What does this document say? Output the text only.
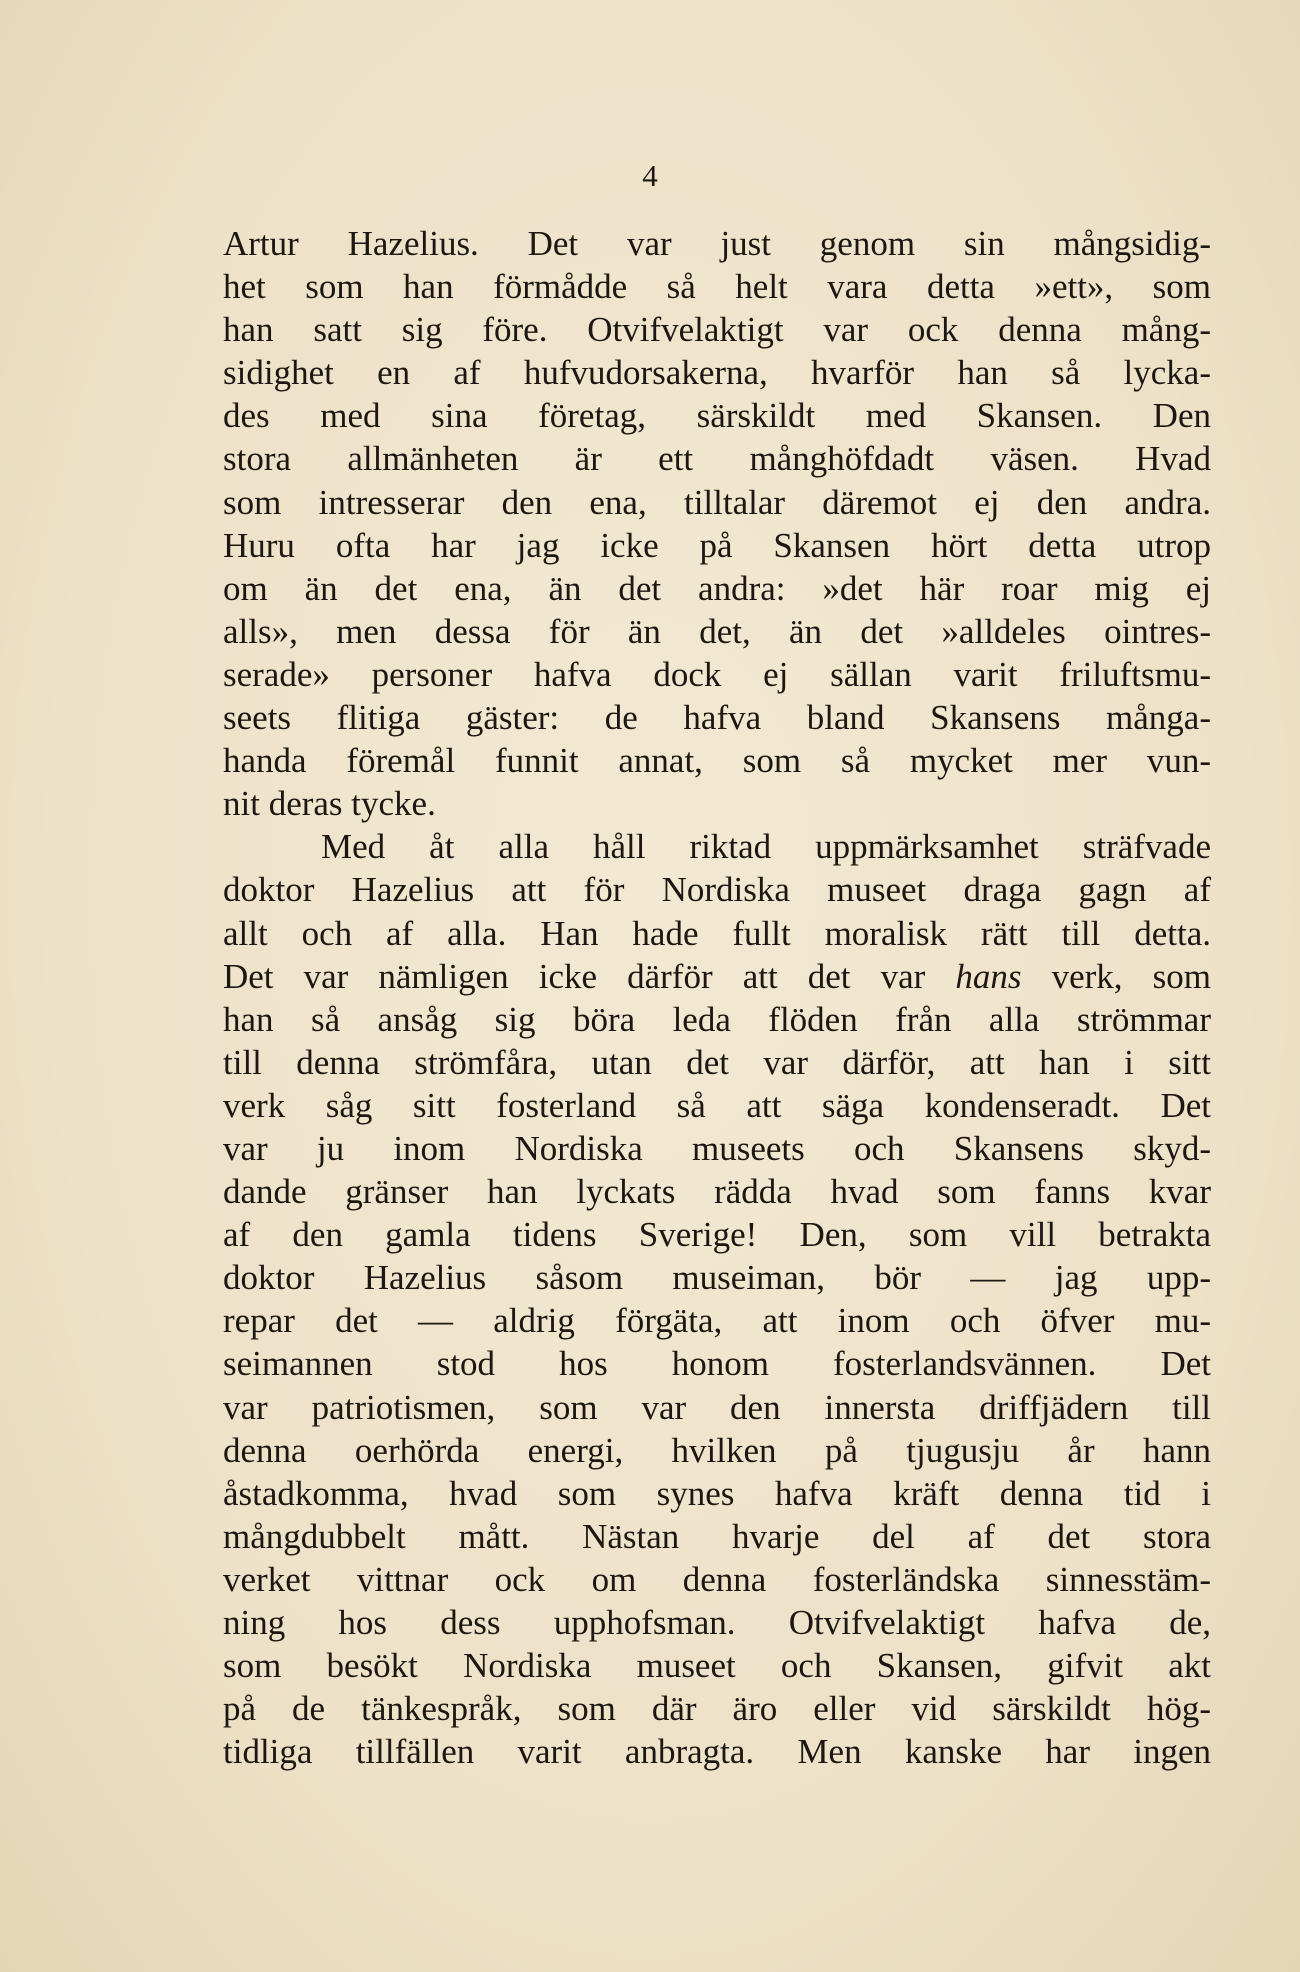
4
Artur Hazelius. Det var just genom sin mångsidig-
het som han förmådde så helt vara detta »ett», som
han satt sig före. Otvifvelaktigt var ock denna mång-
sidighet en af hufvudorsakerna, hvarför han så lycka-
des med sina företag, särskildt med Skansen. Den
stora allmänheten är ett månghöfdadt väsen. Hvad
som intresserar den ena, tilltalar däremot ej den andra.
Huru ofta har jag icke på Skansen hört detta utrop
om än det ena, än det andra: »det här roar mig ej
alls», men dessa för än det, än det »alldeles ointres-
serade» personer hafva dock ej sällan varit friluftsmu-
seets flitiga gäster: de hafva bland Skansens många-
handa föremål funnit annat, som så mycket mer vun-
nit deras tycke.
Med åt alla håll riktad uppmärksamhet sträfvade
doktor Hazelius att för Nordiska museet draga gagn af
allt och af alla. Han hade fullt moralisk rätt till detta.
Det var nämligen icke därför att det var hans verk, som
han så ansåg sig böra leda flöden från alla strömmar
till denna strömfåra, utan det var därför, att han i sitt
verk såg sitt fosterland så att säga kondenseradt. Det
var ju inom Nordiska museets och Skansens skyd-
dande gränser han lyckats rädda hvad som fanns kvar
af den gamla tidens Sverige! Den, som vill betrakta
doktor Hazelius såsom museiman, bör — jag upp-
repar det — aldrig förgäta, att inom och öfver mu-
seimannen stod hos honom fosterlandsvännen. Det
var patriotismen, som var den innersta driffjädern till
denna oerhörda energi, hvilken på tjugusju år hann
åstadkomma, hvad som synes hafva kräft denna tid i
mångdubbelt mått. Nästan hvarje del af det stora
verket vittnar ock om denna fosterländska sinnesstäm-
ning hos dess upphofsman. Otvifvelaktigt hafva de,
som besökt Nordiska museet och Skansen, gifvit akt
på de tänkespråk, som där äro eller vid särskildt hög-
tidliga tillfällen varit anbragta. Men kanske har ingen
